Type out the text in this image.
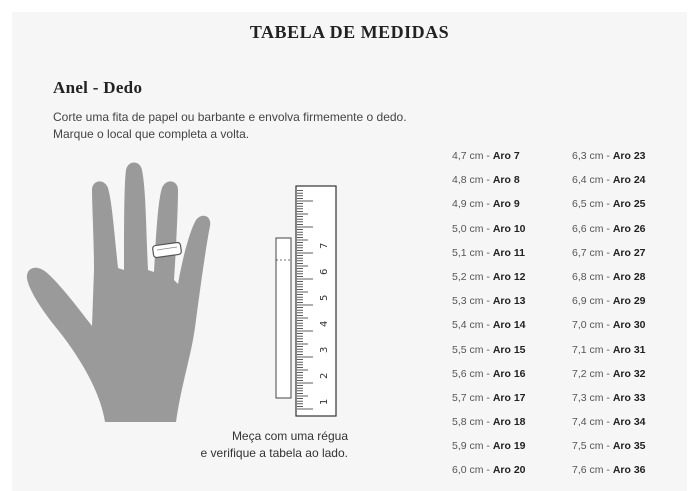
TABELA DE MEDIDAS
Anel - Dedo
Corte uma fita de papel ou barbante e envolva firmemente o dedo.
Marque o local que completa a volta.
1
2
3
4
5
6
7
Meça com uma régua
e verifique a tabela ao lado.
4,7 cm - Aro 7
4,8 cm - Aro 8
4,9 cm - Aro 9
5,0 cm - Aro 10
5,1 cm - Aro 11
5,2 cm - Aro 12
5,3 cm - Aro 13
5,4 cm - Aro 14
5,5 cm - Aro 15
5,6 cm - Aro 16
5,7 cm - Aro 17
5,8 cm - Aro 18
5,9 cm - Aro 19
6,0 cm - Aro 20
6,3 cm - Aro 23
6,4 cm - Aro 24
6,5 cm - Aro 25
6,6 cm - Aro 26
6,7 cm - Aro 27
6,8 cm - Aro 28
6,9 cm - Aro 29
7,0 cm - Aro 30
7,1 cm - Aro 31
7,2 cm - Aro 32
7,3 cm - Aro 33
7,4 cm - Aro 34
7,5 cm - Aro 35
7,6 cm - Aro 36
